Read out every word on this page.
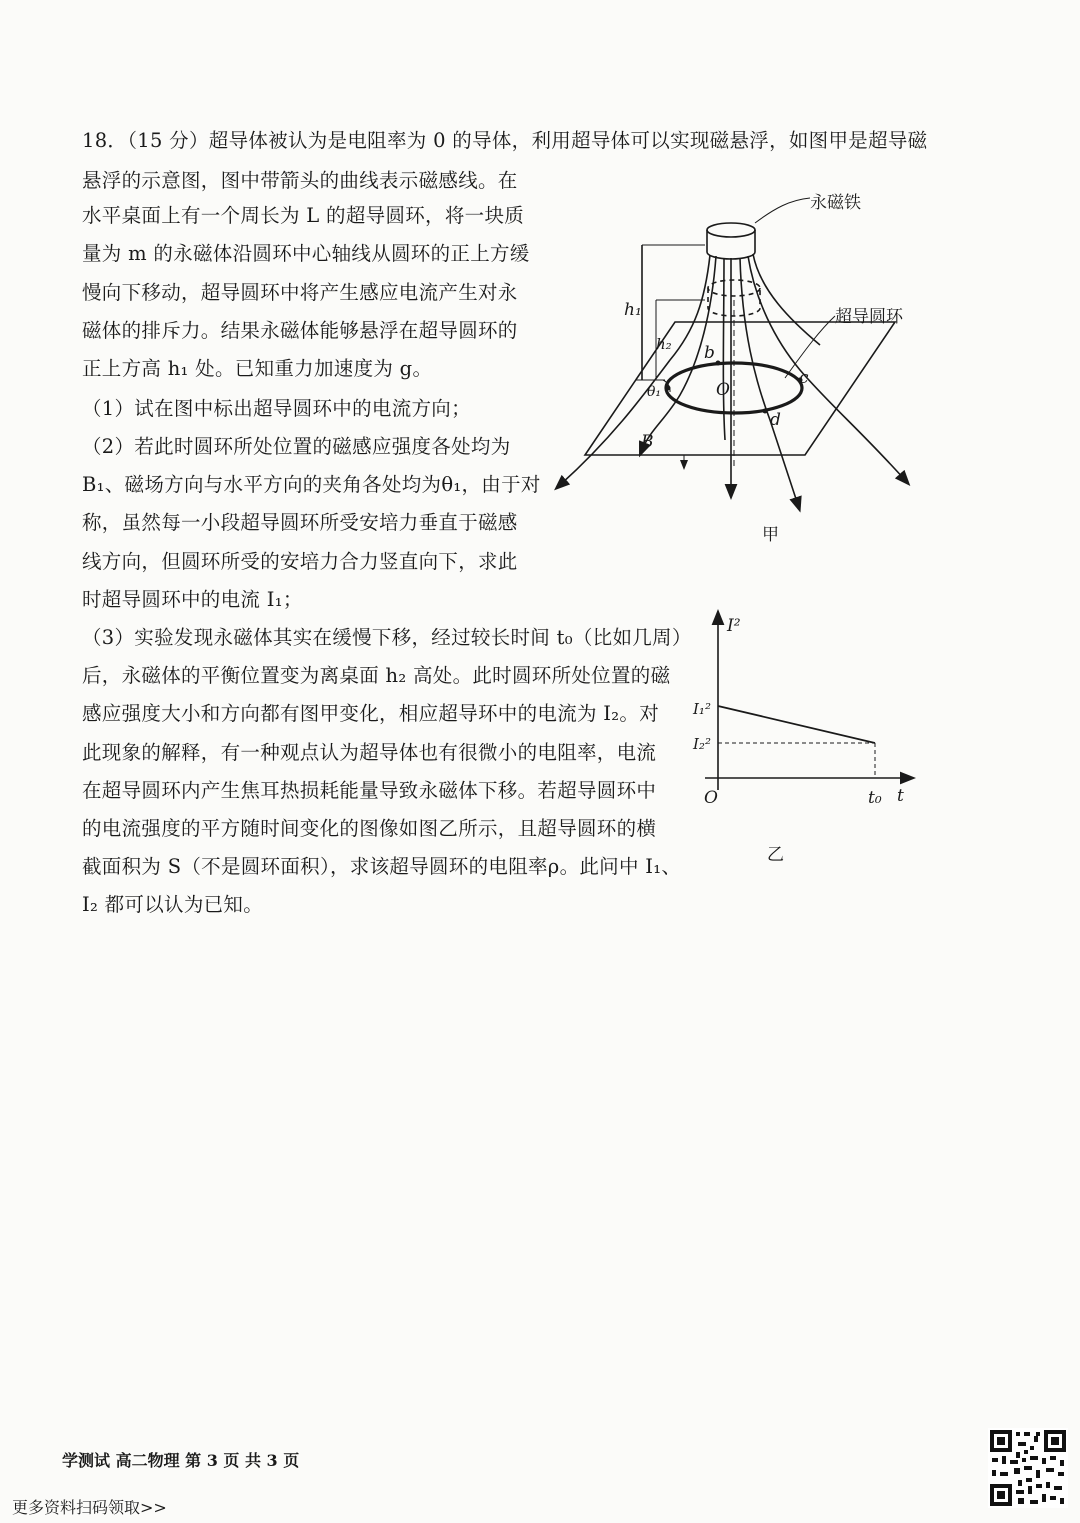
18．（15 分）超导体被认为是电阻率为 0 的导体，利用超导体可以实现磁悬浮，如图甲是超导磁
悬浮的示意图，图中带箭头的曲线表示磁感线。在
水平桌面上有一个周长为 L 的超导圆环，将一块质
量为 m 的永磁体沿圆环中心轴线从圆环的正上方缓
慢向下移动，超导圆环中将产生感应电流产生对永
磁体的排斥力。结果永磁体能够悬浮在超导圆环的
正上方高 h₁ 处。已知重力加速度为 g。
（1）试在图中标出超导圆环中的电流方向；
（2）若此时圆环所处位置的磁感应强度各处均为
B₁、磁场方向与水平方向的夹角各处均为θ₁，由于对
称，虽然每一小段超导圆环所受安培力垂直于磁感
线方向，但圆环所受的安培力合力竖直向下，求此
时超导圆环中的电流 I₁；
（3）实验发现永磁体其实在缓慢下移，经过较长时间 t₀（比如几周）
后，永磁体的平衡位置变为离桌面 h₂ 高处。此时圆环所处位置的磁
感应强度大小和方向都有图甲变化，相应超导环中的电流为 I₂。对
此现象的解释，有一种观点认为超导体也有很微小的电阻率，电流
在超导圆环内产生焦耳热损耗能量导致永磁体下移。若超导圆环中
的电流强度的平方随时间变化的图像如图乙所示，且超导圆环的横
截面积为 S（不是圆环面积），求该超导圆环的电阻率ρ。此问中 I₁、
I₂ 都可以认为已知。
永磁铁
超导圆环
h₁
h₂ b
c
d
O
θ₁
B
甲
I²
t
O
I₁²
I₂²
t₀
乙
学测试 高二物理 第 3 页 共 3 页
更多资料扫码领取>>
